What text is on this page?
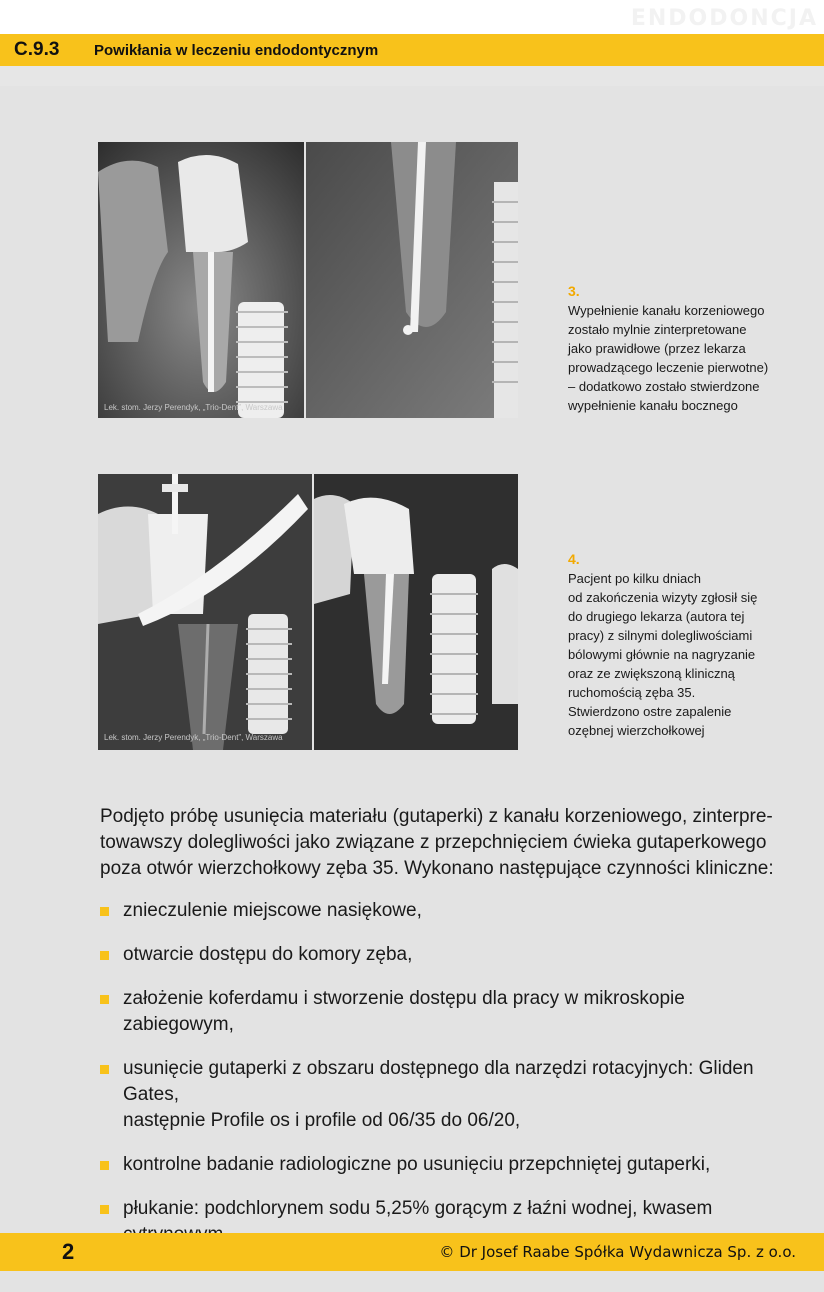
ENDODONCJA
C.9.3	Powikłania w leczeniu endodontycznym
Lek. stom. Jerzy Perendyk, „Trio-Dent”, Warszawa
3.
Wypełnienie kanału korzeniowego
zostało mylnie zinterpretowane
jako prawidłowe (przez lekarza
prowadzącego leczenie pierwotne)
– dodatkowo zostało stwierdzone
wypełnienie kanału bocznego
Lek. stom. Jerzy Perendyk, „Trio-Dent”, Warszawa
4.
Pacjent po kilku dniach
od zakończenia wizyty zgłosił się
do drugiego lekarza (autora tej
pracy) z silnymi dolegliwościami
bólowymi głównie na nagryzanie
oraz ze zwiększoną kliniczną
ruchomością zęba 35.
Stwierdzono ostre zapalenie
ozębnej wierzchołkowej
Podjęto próbę usunięcia materiału (gutaperki) z kanału korzeniowego, zinterpre-
towawszy dolegliwości jako związane z przepchnięciem ćwieka gutaperkowego
poza otwór wierzchołkowy zęba 35. Wykonano następujące czynności kliniczne:
znieczulenie miejscowe nasiękowe,
otwarcie dostępu do komory zęba,
założenie koferdamu i stworzenie dostępu dla pracy w mikroskopie zabiegowym,
usunięcie gutaperki z obszaru dostępnego dla narzędzi rotacyjnych: Gliden Gates,
następnie Profile os i profile od 06/35 do 06/20,
kontrolne badanie radiologiczne po usunięciu przepchniętej gutaperki,
płukanie: podchlorynem sodu 5,25% gorącym z łaźni wodnej, kwasem

2	© Dr Josef Raabe Spółka Wydawnicza Sp. z o.o.
